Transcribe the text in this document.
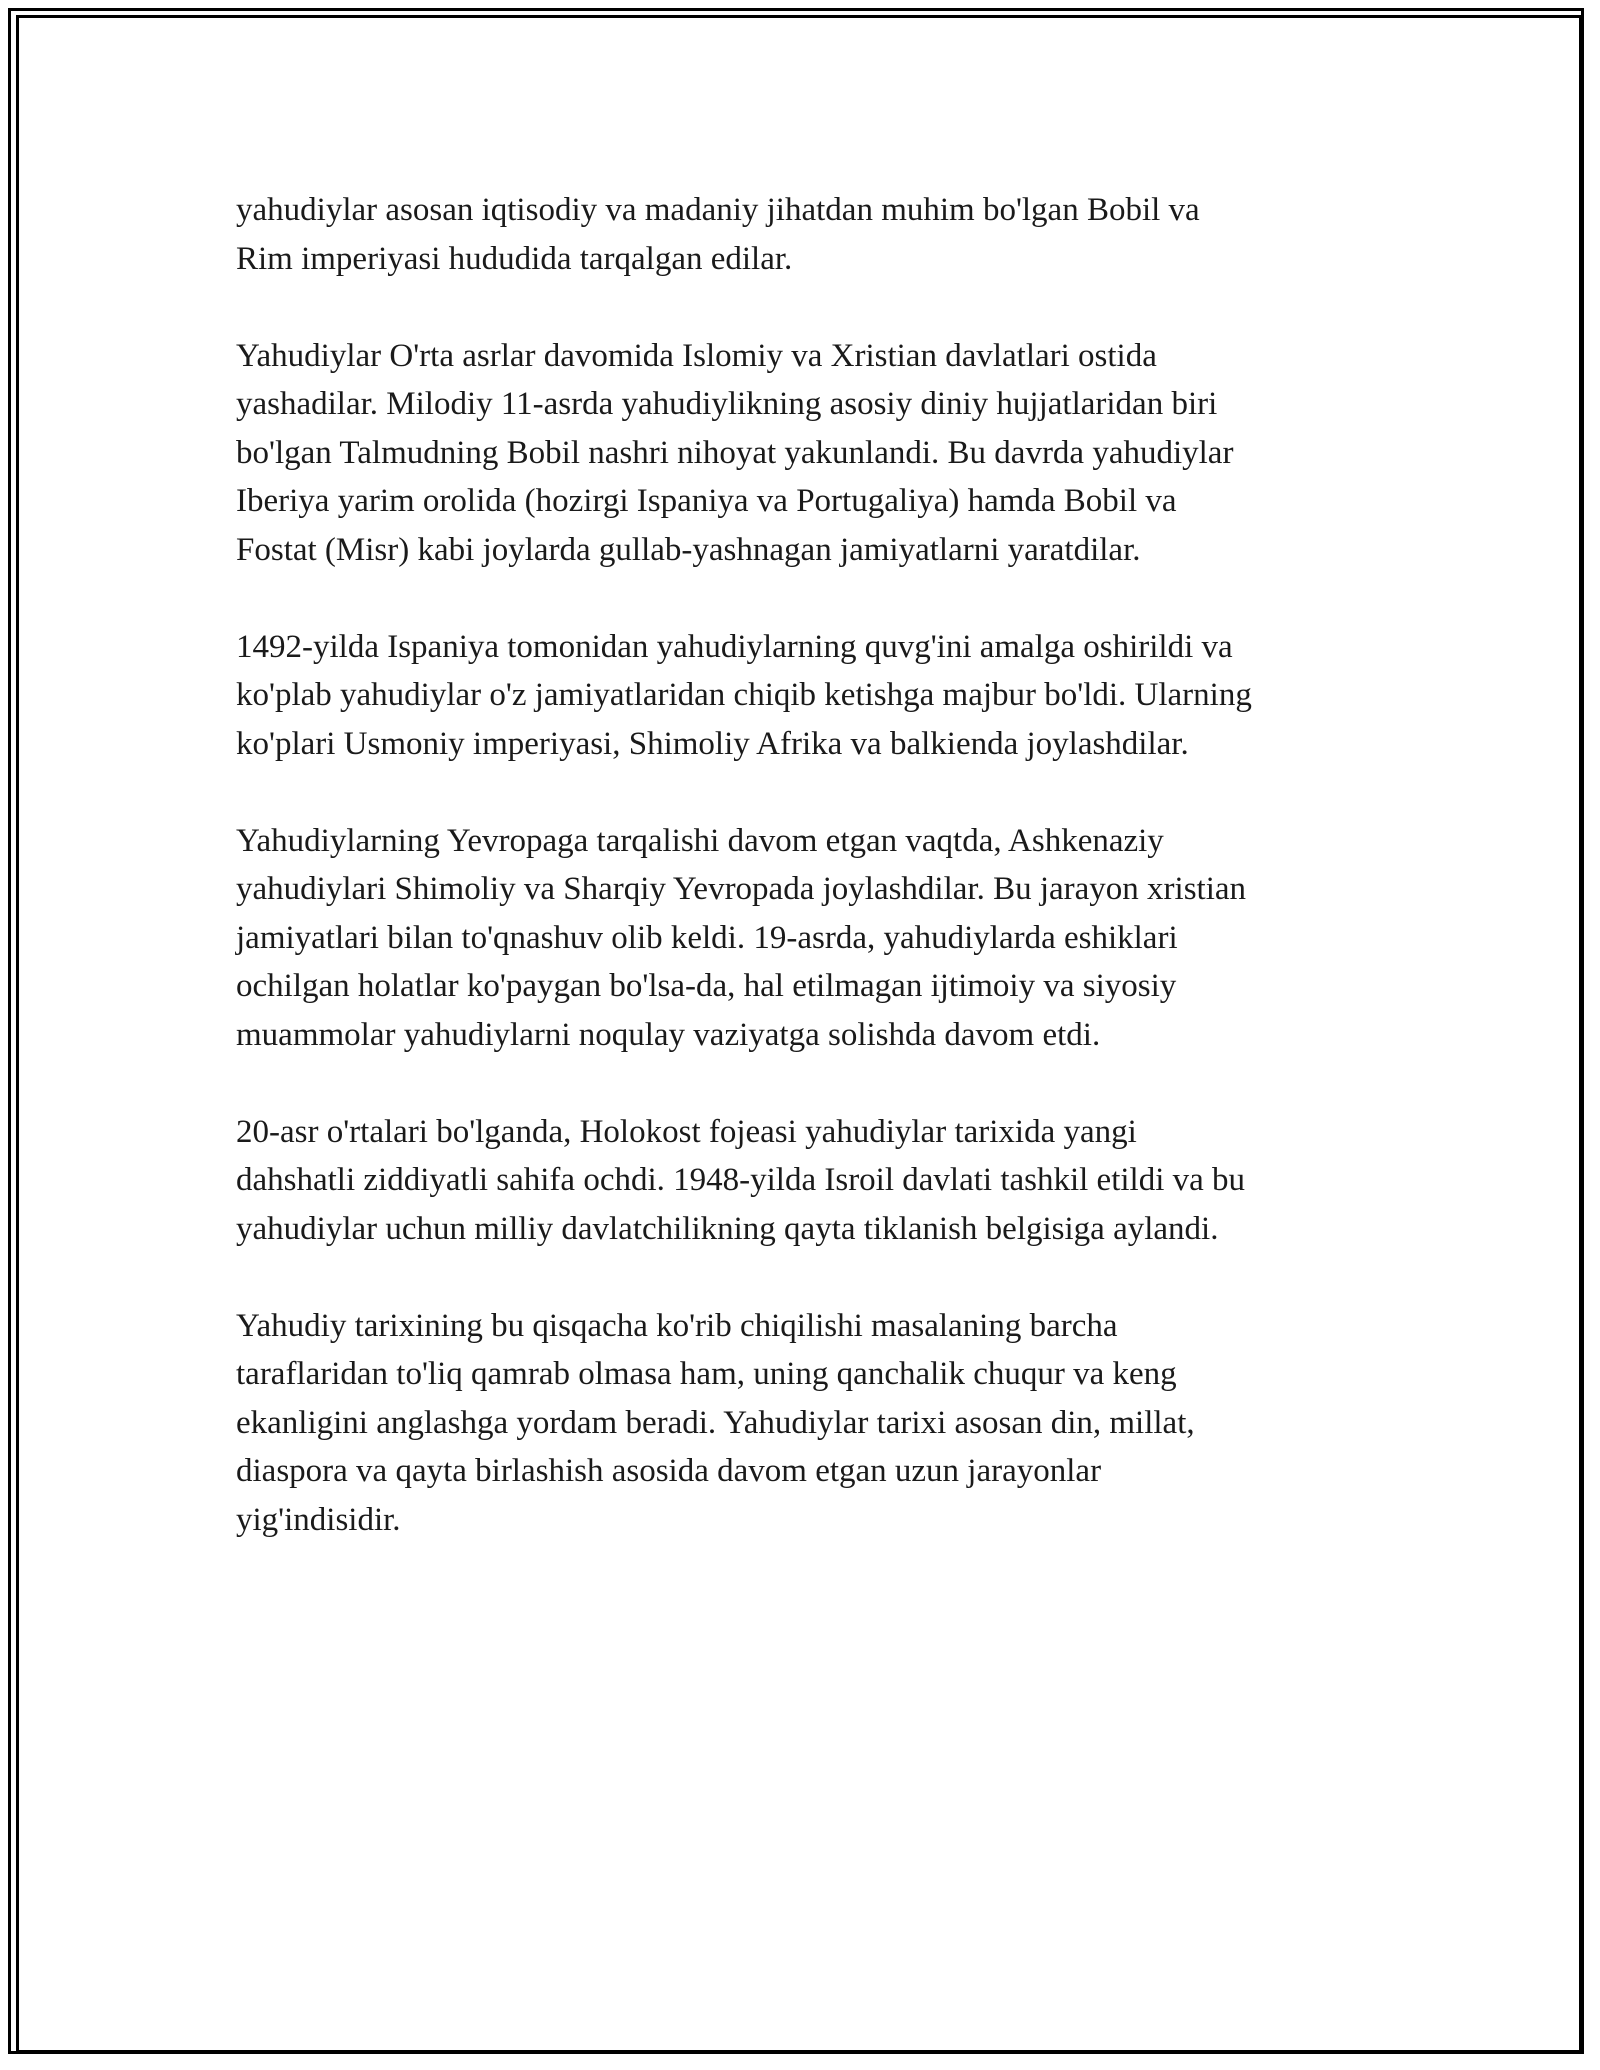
yahudiylar asosan iqtisodiy va madaniy jihatdan muhim bo'lgan Bobil va
Rim imperiyasi hududida tarqalgan edilar.

Yahudiylar O'rta asrlar davomida Islomiy va Xristian davlatlari ostida
yashadilar. Milodiy 11-asrda yahudiylikning asosiy diniy hujjatlaridan biri
bo'lgan Talmudning Bobil nashri nihoyat yakunlandi. Bu davrda yahudiylar
Iberiya yarim orolida (hozirgi Ispaniya va Portugaliya) hamda Bobil va
Fostat (Misr) kabi joylarda gullab-yashnagan jamiyatlarni yaratdilar.

1492-yilda Ispaniya tomonidan yahudiylarning quvg'ini amalga oshirildi va
ko'plab yahudiylar o'z jamiyatlaridan chiqib ketishga majbur bo'ldi. Ularning
ko'plari Usmoniy imperiyasi, Shimoliy Afrika va balkienda joylashdilar.

Yahudiylarning Yevropaga tarqalishi davom etgan vaqtda, Ashkenaziy
yahudiylari Shimoliy va Sharqiy Yevropada joylashdilar. Bu jarayon xristian
jamiyatlari bilan to'qnashuv olib keldi. 19-asrda, yahudiylarda eshiklari
ochilgan holatlar ko'paygan bo'lsa-da, hal etilmagan ijtimoiy va siyosiy
muammolar yahudiylarni noqulay vaziyatga solishda davom etdi.

20-asr o'rtalari bo'lganda, Holokost fojeasi yahudiylar tarixida yangi
dahshatli ziddiyatli sahifa ochdi. 1948-yilda Isroil davlati tashkil etildi va bu
yahudiylar uchun milliy davlatchilikning qayta tiklanish belgisiga aylandi.

Yahudiy tarixining bu qisqacha ko'rib chiqilishi masalaning barcha
taraflaridan to'liq qamrab olmasa ham, uning qanchalik chuqur va keng
ekanligini anglashga yordam beradi. Yahudiylar tarixi asosan din, millat,
diaspora va qayta birlashish asosida davom etgan uzun jarayonlar
yig'indisidir.
